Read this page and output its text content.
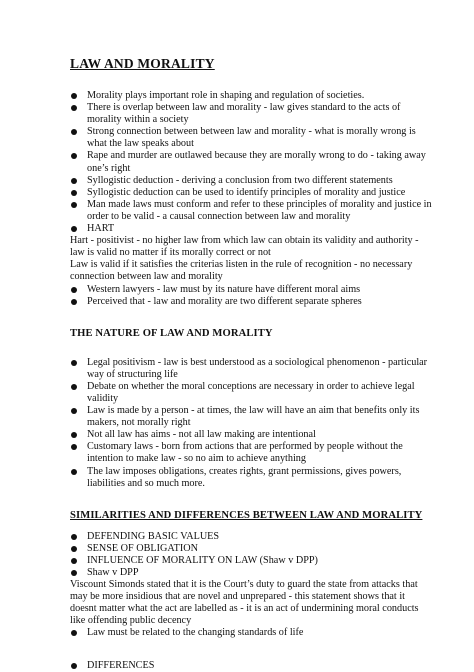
LAW AND MORALITY
Morality plays important role in shaping and regulation of societies.
There is overlap between law and morality - law gives standard to the acts of morality within a society
Strong connection between between law and morality - what is morally wrong is what the law speaks about
Rape and murder are outlawed because they are morally wrong to do - taking away one’s right
Syllogistic deduction - deriving a conclusion from two different statements
Syllogistic deduction can be used to identify principles of morality and justice
Man made laws must conform and refer to these principles of morality and justice in order to be valid - a causal connection between law and morality
HART

Hart - positivist - no higher law from which law can obtain its validity and authority - law is valid no matter if its morally correct or not

Law is valid if it satisfies the criterias listen in the rule of recognition - no necessary connection between law and morality

Western lawyers - law must by its nature have different moral aims
Perceived that - law and morality are two different separate spheres
THE NATURE OF LAW AND MORALITY
Legal positivism - law is best understood as a sociological phenomenon - particular way of structuring life
Debate on whether the moral conceptions are necessary in order to achieve legal validity
Law is made by a person - at times, the law will have an aim that benefits only its makers, not morally right
Not all law has aims - not all law making are intentional
Customary laws - born from actions that are performed by people without the intention to make law - so no aim to achieve anything
The law imposes obligations, creates rights, grant permissions, gives powers, liabilities and so much more.
SIMILARITIES AND DIFFERENCES BETWEEN LAW AND MORALITY
DEFENDING BASIC VALUES
SENSE OF OBLIGATION
INFLUENCE OF MORALITY ON LAW (Shaw v DPP)
Shaw v DPP

Viscount Simonds stated that it is the Court’s duty to guard the state from attacks that may be more insidious that are novel and unprepared - this statement shows that it doesnt matter what the act are labelled as - it is an act of undermining moral conducts like offending public decency

Law must be related to the changing standards of life
DIFFERENCES
